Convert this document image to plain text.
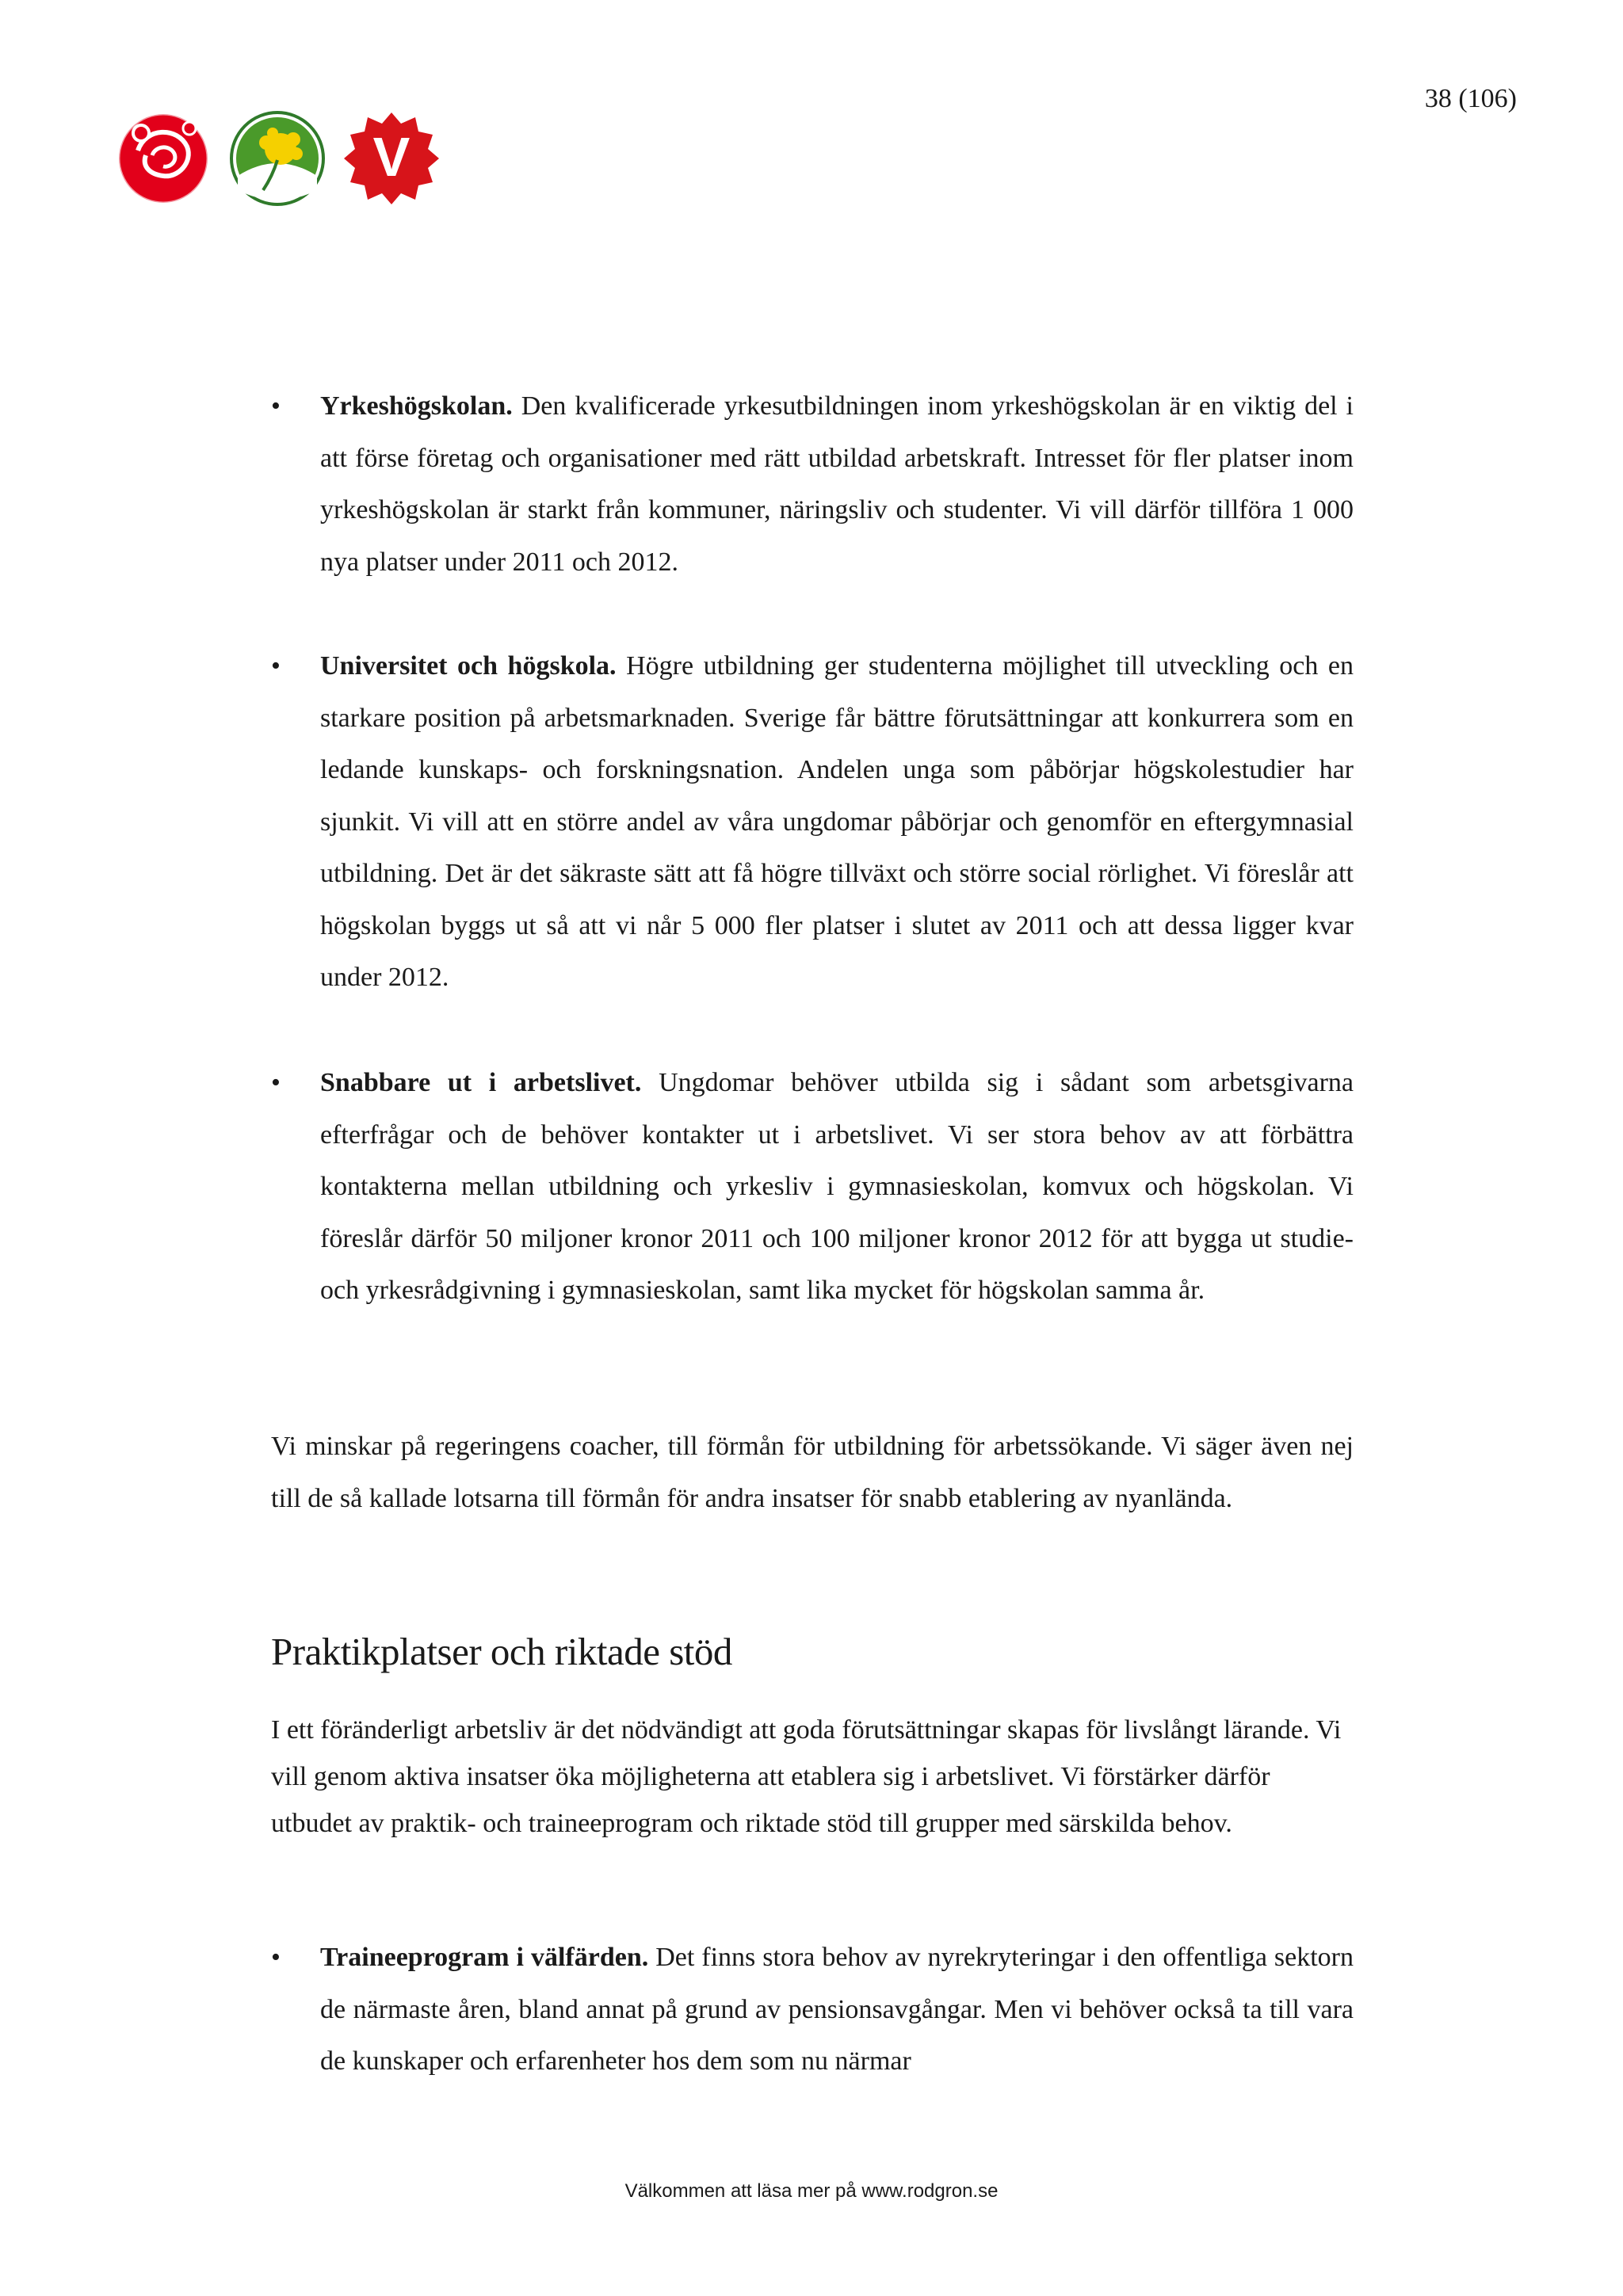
38 (106)
V
•	Yrkeshögskolan. Den kvalificerade yrkesutbildningen inom yrkeshögskolan är en viktig del i att förse företag och organisationer med rätt utbildad arbetskraft. Intresset för fler platser inom yrkeshögskolan är starkt från kommuner, näringsliv och studenter. Vi vill därför tillföra 1 000 nya platser under 2011 och 2012.
•	Universitet och högskola. Högre utbildning ger studenterna möjlighet till utveckling och en starkare position på arbetsmarknaden. Sverige får bättre förutsättningar att konkurrera som en ledande kunskaps- och forskningsnation. Andelen unga som påbörjar högskolestudier har sjunkit. Vi vill att en större andel av våra ungdomar påbörjar och genomför en eftergymnasial utbildning. Det är det säkraste sätt att få högre tillväxt och större social rörlighet. Vi föreslår att högskolan byggs ut så att vi når 5 000 fler platser i slutet av 2011 och att dessa ligger kvar under 2012.
•	Snabbare ut i arbetslivet. Ungdomar behöver utbilda sig i sådant som arbetsgivarna efterfrågar och de behöver kontakter ut i arbetslivet. Vi ser stora behov av att förbättra kontakterna mellan utbildning och yrkesliv i gymnasieskolan, komvux och högskolan. Vi föreslår därför 50 miljoner kronor 2011 och 100 miljoner kronor 2012 för att bygga ut studie- och yrkesrådgivning i gymnasieskolan, samt lika mycket för högskolan samma år.
Vi minskar på regeringens coacher, till förmån för utbildning för arbetssökande. Vi säger även nej till de så kallade lotsarna till förmån för andra insatser för snabb etablering av nyanlända.
Praktikplatser och riktade stöd
I ett föränderligt arbetsliv är det nödvändigt att goda förutsättningar skapas för livslångt lärande. Vi vill genom aktiva insatser öka möjligheterna att etablera sig i arbetslivet. Vi förstärker därför utbudet av praktik- och traineeprogram och riktade stöd till grupper med särskilda behov.
•	Traineeprogram i välfärden. Det finns stora behov av nyrekryteringar i den offentliga sektorn de närmaste åren, bland annat på grund av pensionsavgångar. Men vi behöver också ta till vara de kunskaper och erfarenheter hos dem som nu närmar
Välkommen att läsa mer på www.rodgron.se
